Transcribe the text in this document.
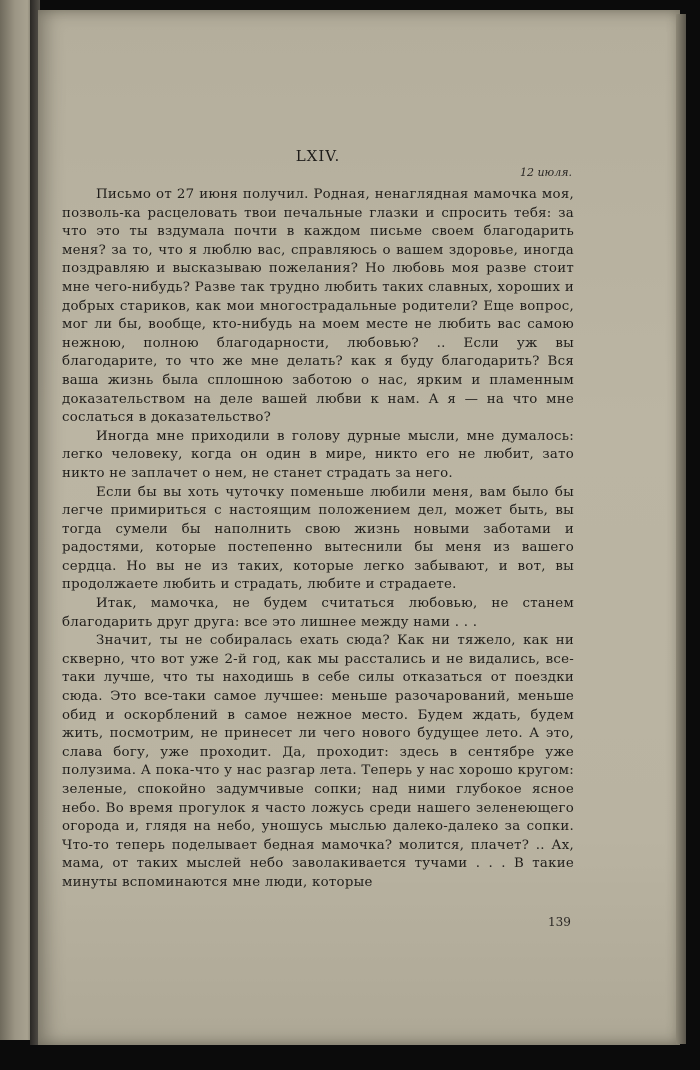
LXIV.
12 июля.

Письмо от 27 июня получил. Родная, ненаглядная мамочка моя, позволь-ка расцеловать твои печальные глазки и спросить тебя: за что это ты вздумала почти в каждом письме своем благодарить меня? за то, что я люблю вас, справляюсь о вашем здоровье, иногда поздравляю и высказываю пожелания? Но любовь моя разве стоит мне чего-нибудь? Разве так трудно любить таких славных, хороших и добрых стариков, как мои многострадальные родители? Еще вопрос, мог ли бы, вообще, кто-нибудь на моем месте не любить вас самою нежною, полною благодарности, любовью? .. Если уж вы благодарите, то что же мне делать? как я буду благодарить? Вся ваша жизнь была сплошною заботою о нас, ярким и пламенным доказательством на деле вашей любви к нам. А я — на что мне сослаться в доказательство?

Иногда мне приходили в голову дурные мысли, мне думалось: легко человеку, когда он один в мире, никто его не любит, зато никто не заплачет о нем, не станет страдать за него.

Если бы вы хоть чуточку поменьше любили меня, вам было бы легче примириться с настоящим положением дел, может быть, вы тогда сумели бы наполнить свою жизнь новыми заботами и радостями, которые постепенно вытеснили бы меня из вашего сердца. Но вы не из таких, которые легко забывают, и вот, вы продолжаете любить и страдать, любите и страдаете.

Итак, мамочка, не будем считаться любовью, не станем благодарить друг друга: все это лишнее между нами . . .

Значит, ты не собиралась ехать сюда? Как ни тяжело, как ни скверно, что вот уже 2-й год, как мы расстались и не видались, все-таки лучше, что ты находишь в себе силы отказаться от поездки сюда. Это все-таки самое лучшее: меньше разочарований, меньше обид и оскорблений в самое нежное место. Будем ждать, будем жить, посмотрим, не принесет ли чего нового будущее лето. А это, слава богу, уже проходит. Да, проходит: здесь в сентябре уже полузима. А пока-что у нас разгар лета. Теперь у нас хорошо кругом: зеленые, спокойно задумчивые сопки; над ними глубокое ясное небо. Во время прогулок я часто ложусь среди нашего зеленеющего огорода и, глядя на небо, уношусь мыслью далеко-далеко за сопки. Что-то теперь поделывает бедная мамочка? молится, плачет? .. Ах, мама, от таких мыслей небо заволакивается тучами . . . В такие минуты вспоминаются мне люди, которые

139
